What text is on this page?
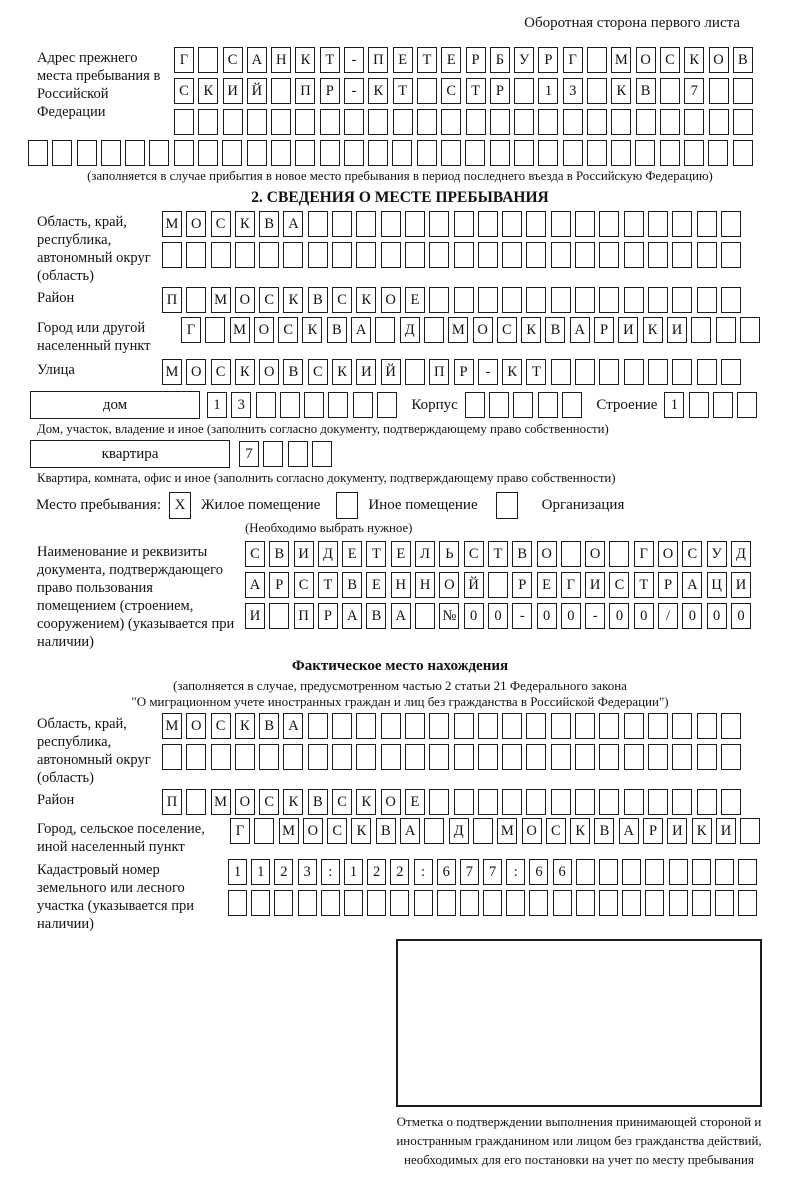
Оборотная сторона первого листа
Адрес прежнего места пребывания в Российской Федерации
Г	С А Н К	Т	-	П	Е	Т	Е	Р	Б	У	Р	Г	М О С	К О В
С	К И Й	П	Р	-	К	Т	С	Т	Р	1	3	К	В	7
(заполняется в случае прибытия в новое место пребывания в период последнего въезда в Российскую Федерацию)
2. СВЕДЕНИЯ О МЕСТЕ ПРЕБЫВАНИЯ
Область, край, республика, автономный округ (область)
М О С	К	В А
Район	П	М О С	К	В	С	К О	Е
Город или другой населенный пункт
Г	М О С	К	В А	Д	М О С	К	В А	Р	И К И
Улица	М О С	К О В	С	К И Й	П	Р	-	К	Т
дом	1	3	Корпус	Строение 1
Дом, участок, владение и иное (заполнить согласно документу, подтверждающему право собственности)
квартира	7
Квартира, комната, офис и иное (заполнить согласно документу, подтверждающему право собственности)
Место пребывания: X	Жилое помещение	Иное помещение	Организация
(Необходимо выбрать нужное)
Наименование и реквизиты документа, подтверждающего право пользования помещением (строением, сооружением) (указывается при наличии)
С	В И Д	Е	Т	Е	Л	Ь	С	Т	В О	О	Г	О С У Д
А	Р	С	Т	В	Е	Н Н О Й	Р	Е	Г	И С	Т	Р	А Ц И
И	П	Р	А В А	№ 0	0	-	0	0	-	0	0	/	0	0	0
Фактическое место нахождения
(заполняется в случае, предусмотренном частью 2 статьи 21 Федерального закона
"О миграционном учете иностранных граждан и лиц без гражданства в Российской Федерации")
Область, край, республика, автономный округ (область)
М О С	К	В А
Район	П	М О С	К	В	С	К О	Е
Город, сельское поселение, иной населенный пункт
Г	М О С	К	В А	Д	М О С	К	В А	Р	И К И
Кадастровый номер земельного или лесного участка (указывается при наличии)
1	1	2	3	:	1	2	2	:	6	7	7	:	6	6
Отметка о подтверждении выполнения принимающей стороной и иностранным гражданином или лицом без гражданства действий, необходимых для его постановки на учет по месту пребывания
